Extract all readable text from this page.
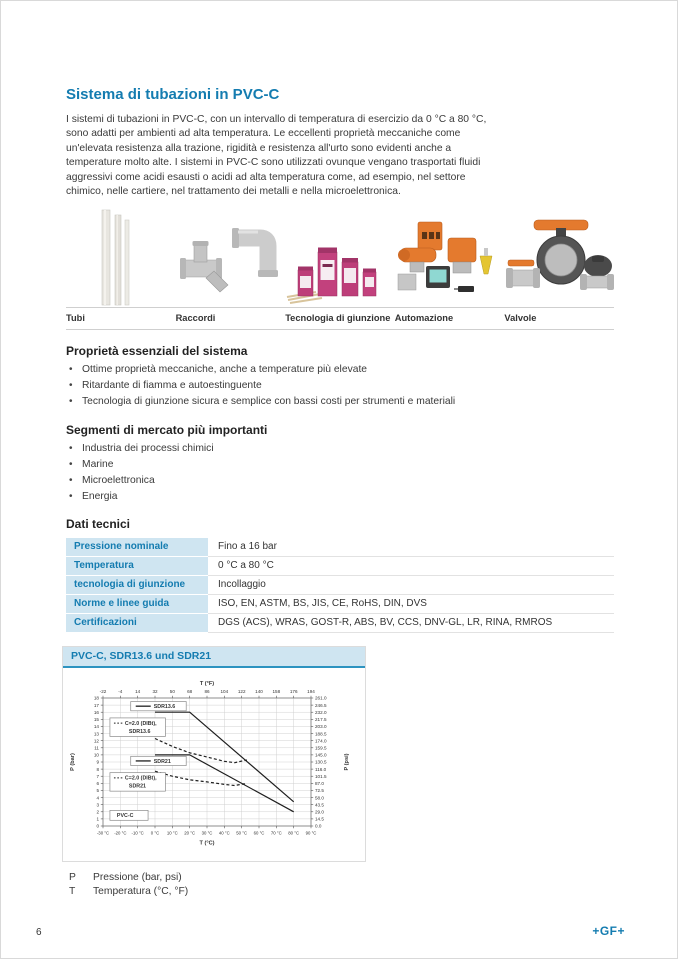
Sistema di tubazioni in PVC-C

I sistemi di tubazioni in PVC-C, con un intervallo di temperatura di esercizio da 0 °C a 80 °C, sono adatti per ambienti ad alta temperatura. Le eccellenti proprietà meccaniche come un'elevata resistenza alla trazione, rigidità e resistenza all'urto sono evidenti anche a temperature molto alte. I sistemi in PVC-C sono utilizzati ovunque vengano trasportati fluidi aggressivi come acidi esausti o acidi ad alta temperatura come, ad esempio, nel settore chimico, nelle cartiere, nel trattamento dei metalli e nella microelettronica.

Tubi	Raccordi	Tecnologia di giunzione Automazione	Valvole
Proprietà essenziali del sistema
• Ottime proprietà meccaniche, anche a temperature più elevate
• Ritardante di fiamma e autoestinguente
• Tecnologia di giunzione sicura e semplice con bassi costi per strumenti e materiali
Segmenti di mercato più importanti
• Industria dei processi chimici
• Marine
• Microelettronica
• Energia
Dati tecnici
Pressione nominale	Fino a 16 bar
Temperatura	0 °C a 80 °C
tecnologia di giunzione	Incollaggio
Norme e linee guida	ISO, EN, ASTM, BS, JIS, CE, RoHS, DIN, DVS
Certificazioni	DGS (ACS), WRAS, GOST-R, ABS, BV, CCS, DNV-GL, LR, RINA, RMROS
PVC-C, SDR13.6 und SDR21
T (°F)
-22	-4	14	32	50	68	86 104 122 140 158 176 194
-30 °C -20 °C -10 °C 0 °C 10 °C 20 °C 30 °C 40 °C 50 °C 60 °C 70 °C 80 °C 90 °C
T (°C)
0
1
2
3
4
5
6
7
8
9
10
11
12
13
14
15
16
17
18
0.0
14.5
29.0
43.5
58.0
72.5
87.0
101.5
116.0
130.5
145.0
159.5
174.0
188.5
203.0
217.5
232.0
246.5
261.0
P (bar)	P (psi)
SDR13.6
C=2.0 (DIBt),
SDR13.6
SDR21
C=2.0 (DIBt),
SDR21
PVC-C
P	Pressione (bar, psi)
T	Temperatura (°C, °F)
6	+GF+
